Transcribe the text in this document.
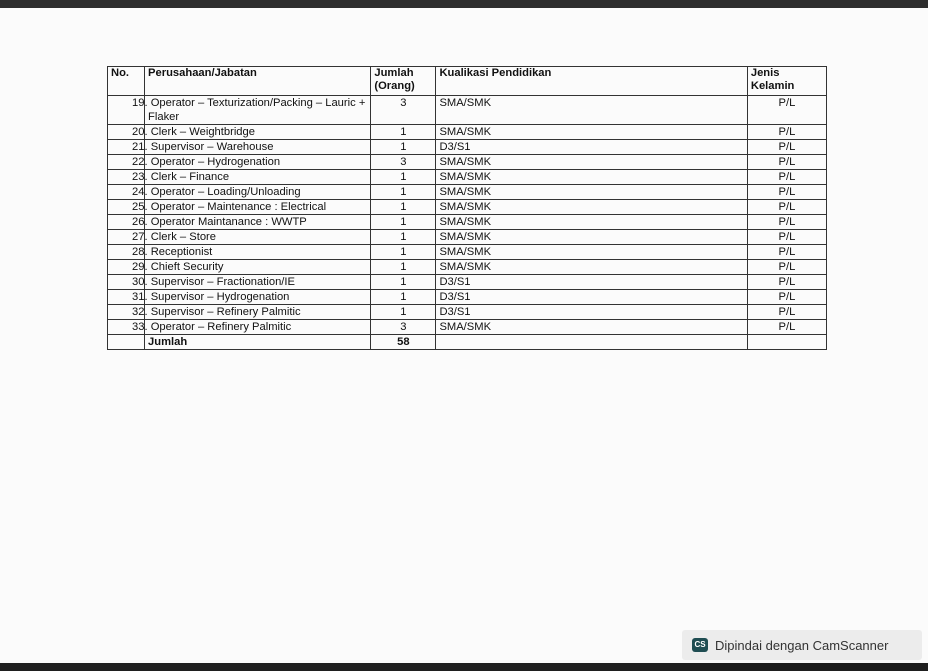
No.	Perusahaan/Jabatan	Jumlah (Orang)	Kualikasi Pendidikan	Jenis Kelamin
	19. Operator – Texturization/Packing – Lauric + Flaker	3	SMA/SMK	P/L
	20. Clerk – Weightbridge	1	SMA/SMK	P/L
	21. Supervisor – Warehouse	1	D3/S1	P/L
	22. Operator – Hydrogenation	3	SMA/SMK	P/L
	23. Clerk – Finance	1	SMA/SMK	P/L
	24. Operator – Loading/Unloading	1	SMA/SMK	P/L
	25. Operator – Maintenance : Electrical	1	SMA/SMK	P/L
	26. Operator Maintanance : WWTP	1	SMA/SMK	P/L
	27. Clerk – Store	1	SMA/SMK	P/L
	28. Receptionist	1	SMA/SMK	P/L
	29. Chieft Security	1	SMA/SMK	P/L
	30. Supervisor – Fractionation/IE	1	D3/S1	P/L
	31. Supervisor – Hydrogenation	1	D3/S1	P/L
	32. Supervisor – Refinery Palmitic	1	D3/S1	P/L
	33. Operator – Refinery Palmitic	3	SMA/SMK	P/L
	Jumlah	58		
CS Dipindai dengan CamScanner
